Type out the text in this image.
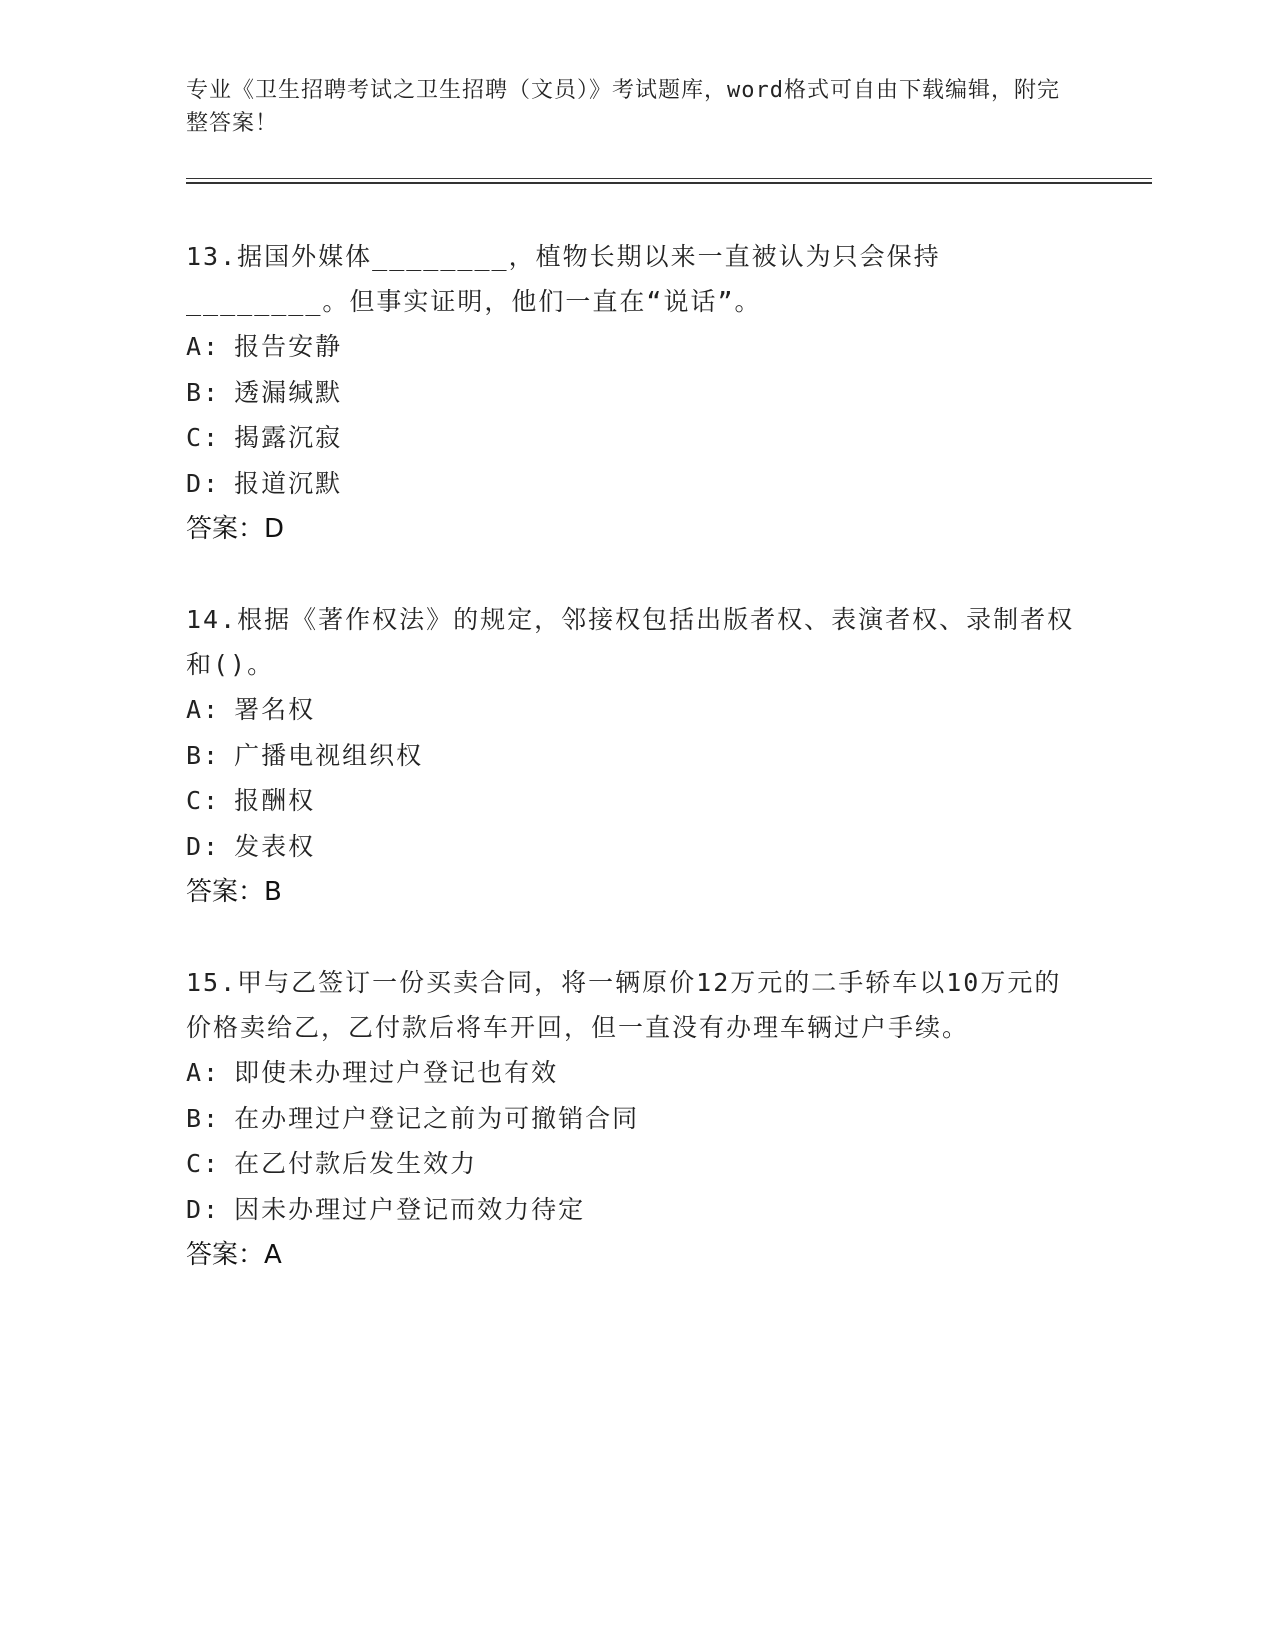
专业《卫生招聘考试之卫生招聘（文员）》考试题库，word格式可自由下载编辑，附完整答案！
13.据国外媒体________，植物长期以来一直被认为只会保持________。但事实证明，他们一直在“说话”。
A: 报告安静
B: 透漏缄默
C: 揭露沉寂
D: 报道沉默
答案：D
14.根据《著作权法》的规定，邻接权包括出版者权、表演者权、录制者权和()。
A: 署名权
B: 广播电视组织权
C: 报酬权
D: 发表权
答案：B
15.甲与乙签订一份买卖合同，将一辆原价12万元的二手轿车以10万元的价格卖给乙，乙付款后将车开回，但一直没有办理车辆过户手续。
A: 即使未办理过户登记也有效
B: 在办理过户登记之前为可撤销合同
C: 在乙付款后发生效力
D: 因未办理过户登记而效力待定
答案：A
